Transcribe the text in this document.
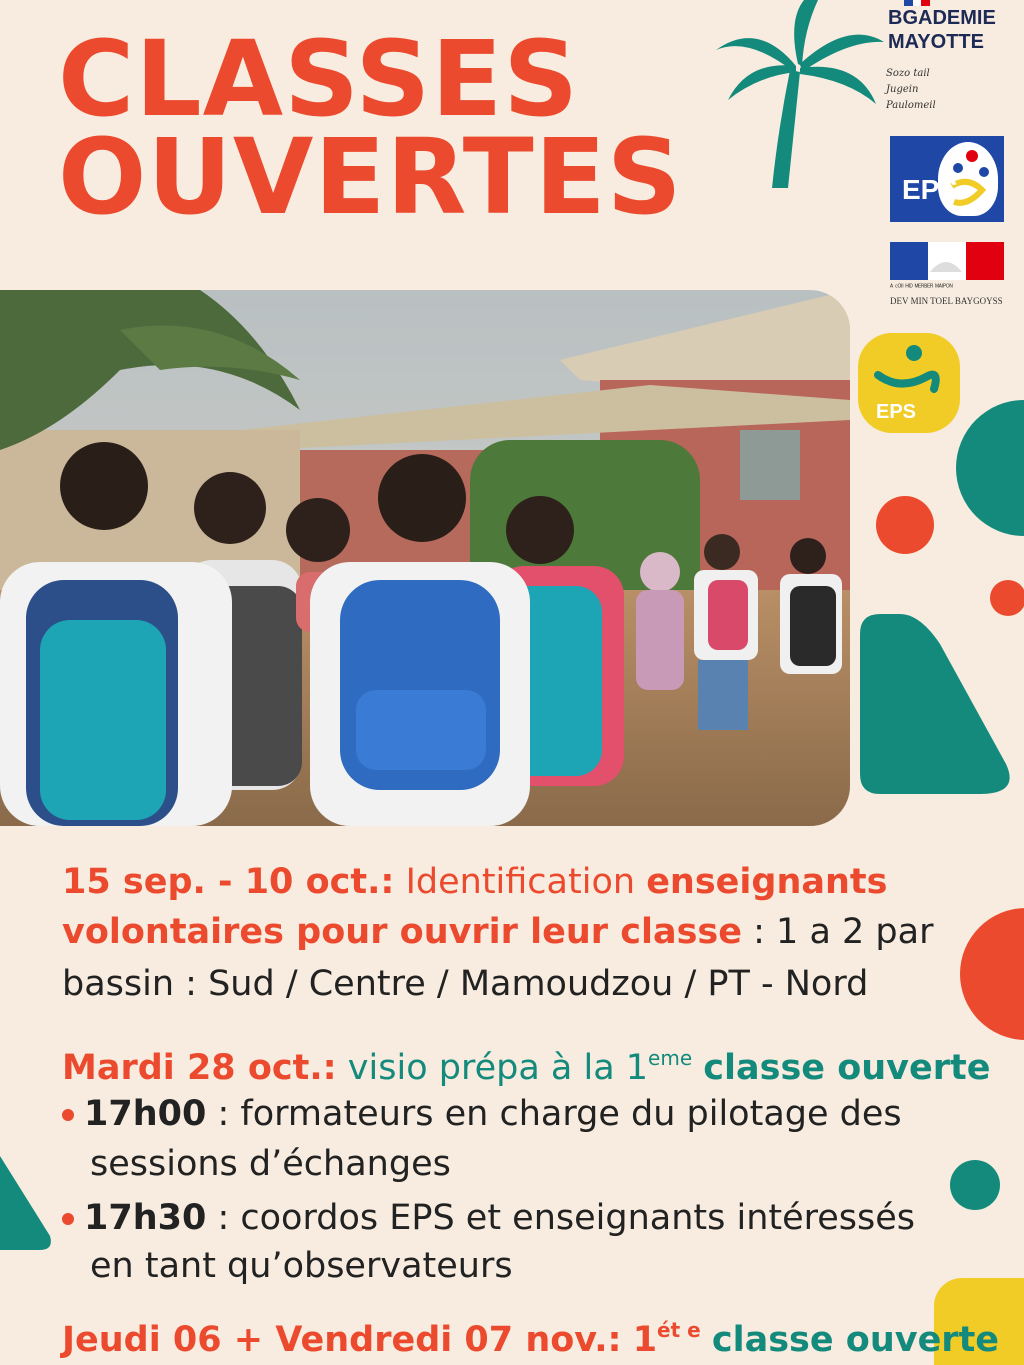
CLASSES
OUVERTES
BGADEMIE
MAYOTTE
Sozo tail
Jugein
Paulomeil
EPS
ᴬ ᶜᴼᴵᴵ ᴴᴵᴰ ᴹᴱᴿᴮᴱᴿ ᴹᴬᴵᴾᴼᴺ
DEV MIN TOEL BAYGOYSS
EPS
15 sep. - 10 oct.: Identification enseignants
volontaires pour ouvrir leur classe : 1 a 2 par
bassin : Sud / Centre / Mamoudzou / PT - Nord
Mardi 28 oct.: visio prépa à la 1eme classe ouverte
17h00 : formateurs en charge du pilotage des
sessions d’échanges
17h30 : coordos EPS et enseignants intéressés
en tant qu’observateurs
Jeudi 06 + Vendredi 07 nov.: $1^{ét e}$ classe ouverte
